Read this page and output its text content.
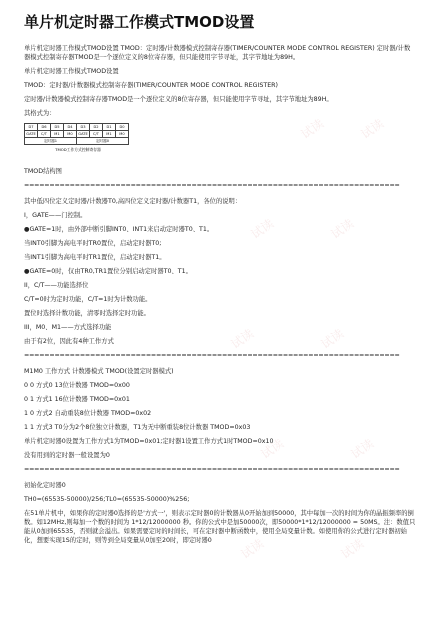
单片机定时器工作模式TMOD设置
单片机定时器工作模式TMOD设置 TMOD：定时器/计数器模式控制寄存器(TIMER/COUNTER MODE CONTROL REGISTER) 定时器/计数器模式控制寄存器TMOD是一个逐位定义的8位寄存器，但只能使用字节寻址，其字节地址为89H。
单片机定时器工作模式TMOD设置
TMOD：定时器/计数器模式控制寄存器(TIMER/COUNTER MODE CONTROL REGISTER)
定时器/计数器模式控制寄存器TMOD是一个逐位定义的8位寄存器，但只能使用字节寻址，其字节地址为89H。
其格式为：
D7	D6	D5	D4	D3	D2	D1	D0
GATE	C/T	M1	M0	GATE	C/T	M1	M0
定时器1				定时器0			
TMOD工作方式控制寄存器
TMOD结构图
==========================================================================
其中低四位定义定时器/计数器T0,高四位定义定时器/计数器T1，各位的说明：
I，GATE——门控制。
●GATE=1时，由外部中断引脚INT0、INT1来启动定时器T0、T1。
当INT0引脚为高电平时TR0置位，启动定时器T0;
当INT1引脚为高电平时TR1置位，启动定时器T1。
●GATE=0时，仅由TR0,TR1置位分别启动定时器T0、T1。
II，C/T——功能选择位
C/T=0时为定时功能，C/T=1时为计数功能。
置位时选择计数功能，清零时选择定时功能。
III，M0、M1——方式选择功能
由于有2位，因此有4种工作方式
==========================================================================
M1M0 工作方式 计数器模式 TMOD(设置定时器模式)
0 0 方式0 13位计数器 TMOD=0x00
0 1 方式1 16位计数器 TMOD=0x01
1 0 方式2 自动重装8位计数器 TMOD=0x02
1 1 方式3 T0分为2个8位独立计数器，T1为无中断重装8位计数器 TMOD=0x03
单片机定时器0设置为工作方式1为TMOD=0x01;定时器1设置工作方式1时TMOD=0x10
没有用到的定时器一般设置为0
==========================================================================
初始化定时器0
TH0=(65535-50000)/256;TL0=(65535-50000)%256;
在51单片机中，如果你的定时器0选择的是'方式一'，则表示定时器0的计数器从0开始加到50000，其中每加一次的时间为你的晶振频率的倒数。如12MHz,则每加一个数的时间为 1*12/12000000 秒。你的公式中是加50000次，即50000*1*12/12000000 = 50MS。注：数值只能从0加到65535，否则就会溢出。如果需要定时的时间长，可在定时器中断函数中，使用全局变量计数。如使用你的公式进行定时器初始化，想要实现1S的定时，则等到全局变量从0加至20时，即定时器0
试读	试读
试读	试读
试读	试读
试读	试读
试读	试读
